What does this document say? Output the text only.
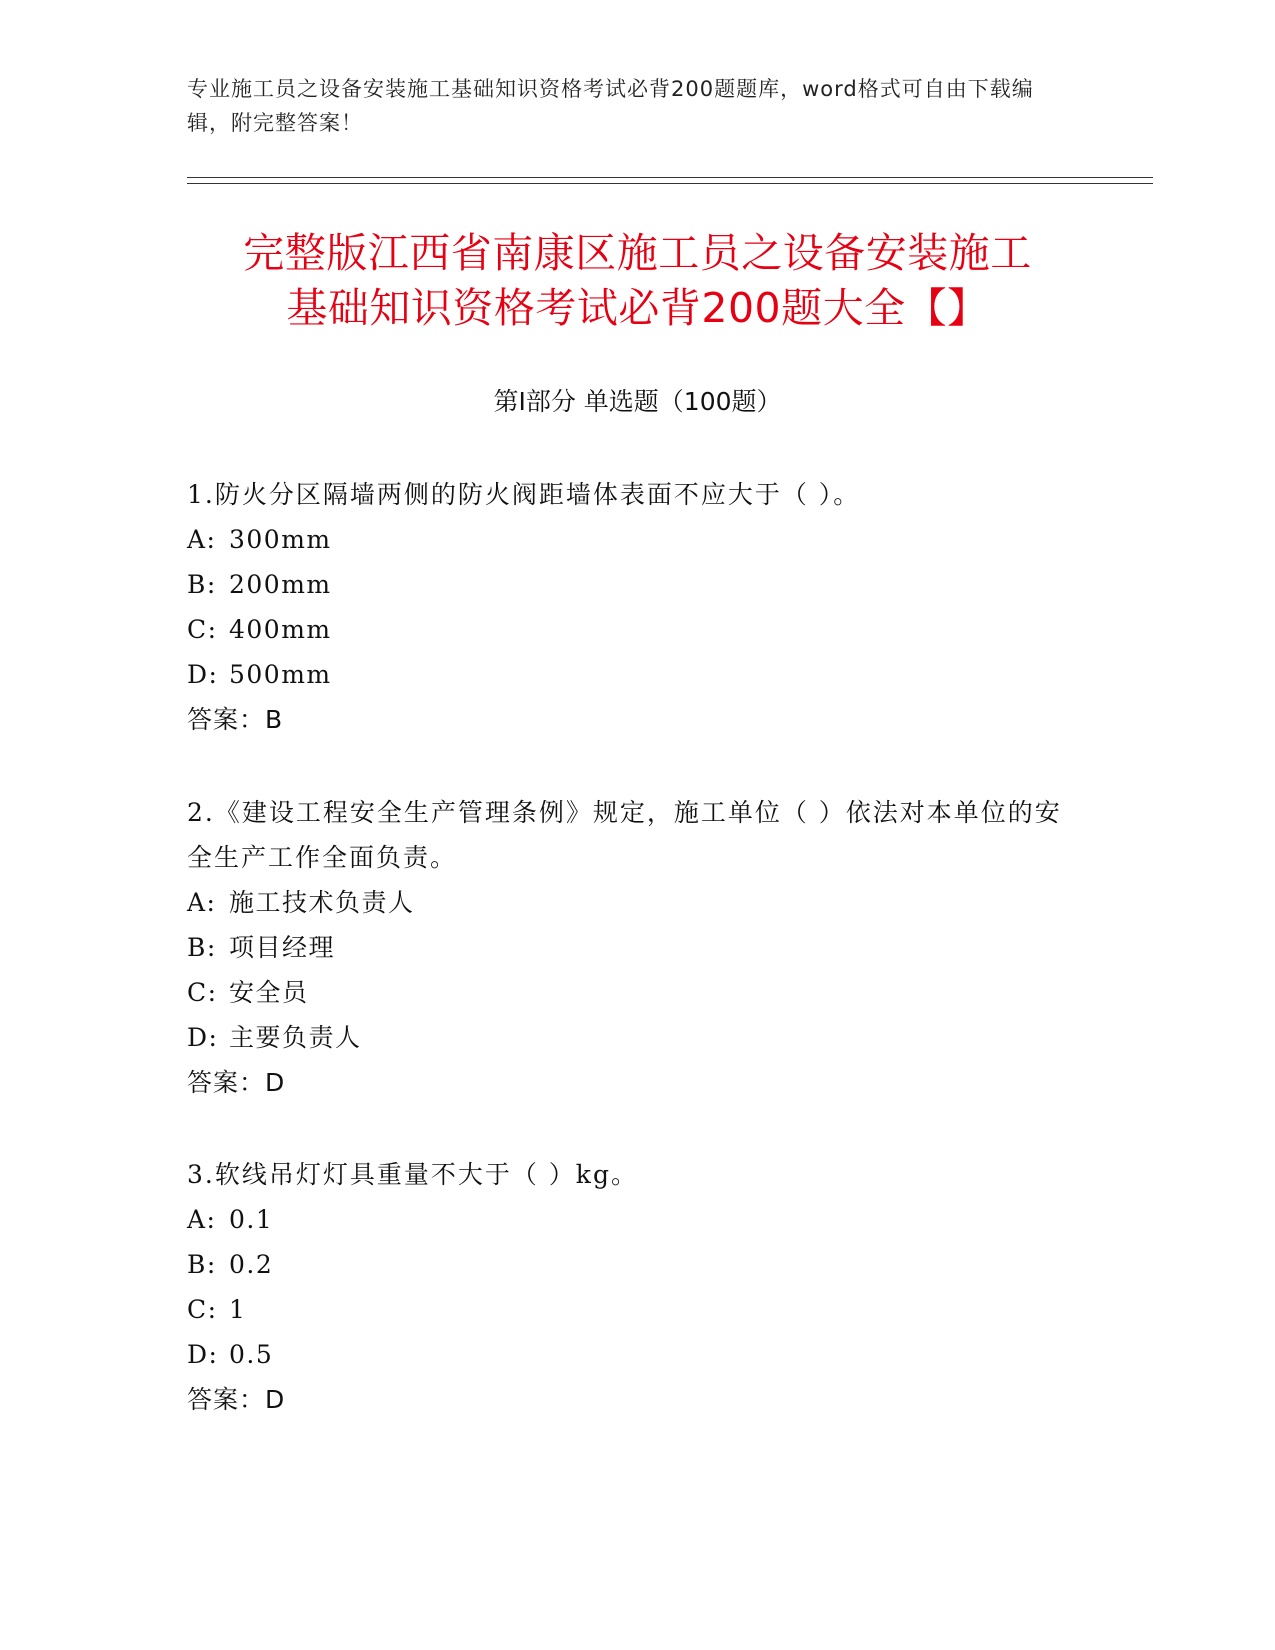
专业施工员之设备安装施工基础知识资格考试必背200题题库，word格式可自由下载编辑，附完整答案！
完整版江西省南康区施工员之设备安装施工
基础知识资格考试必背200题大全【】
第I部分 单选题（100题）
1.防火分区隔墙两侧的防火阀距墙体表面不应大于（ ）。
A: 300mm
B: 200mm
C: 400mm
D: 500mm
答案：B
2.《建设工程安全生产管理条例》规定，施工单位（ ）依法对本单位的安全生产工作全面负责。
A: 施工技术负责人
B: 项目经理
C: 安全员
D: 主要负责人
答案：D
3.软线吊灯灯具重量不大于（ ）kg。
A: 0.1
B: 0.2
C: 1
D: 0.5
答案：D
